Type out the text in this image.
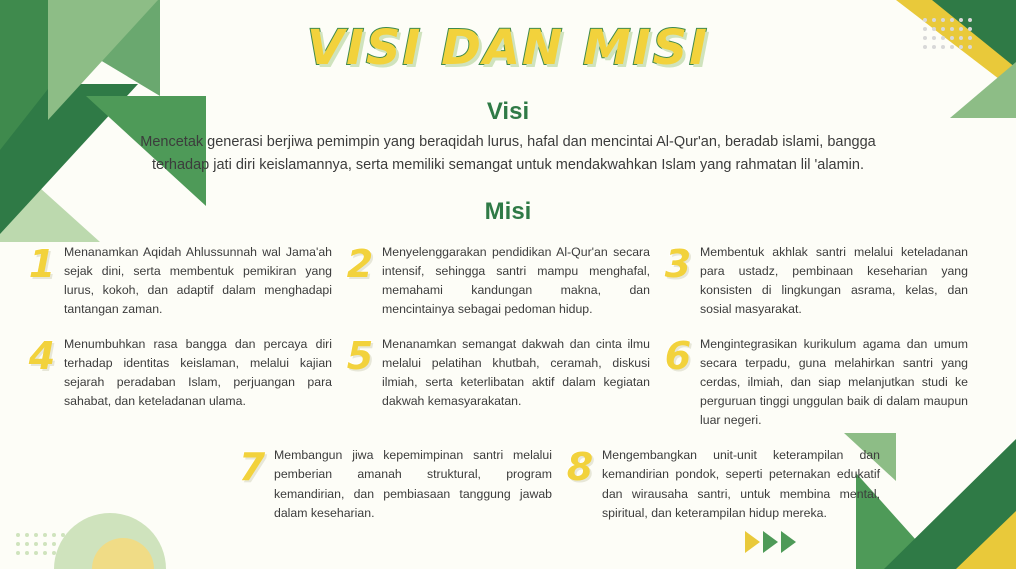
VISI DAN MISI
Visi
Mencetak generasi berjiwa pemimpin yang beraqidah lurus, hafal dan mencintai Al-Qur'an, beradab islami, bangga terhadap jati diri keislamannya, serta memiliki semangat untuk mendakwahkan Islam yang rahmatan lil 'alamin.
Misi
1 Menanamkan Aqidah Ahlussunnah wal Jama'ah sejak dini, serta membentuk pemikiran yang lurus, kokoh, dan adaptif dalam menghadapi tantangan zaman.
2 Menyelenggarakan pendidikan Al-Qur'an secara intensif, sehingga santri mampu menghafal, memahami kandungan makna, dan mencintainya sebagai pedoman hidup.
3 Membentuk akhlak santri melalui keteladanan para ustadz, pembinaan keseharian yang konsisten di lingkungan asrama, kelas, dan sosial masyarakat.
4 Menumbuhkan rasa bangga dan percaya diri terhadap identitas keislaman, melalui kajian sejarah peradaban Islam, perjuangan para sahabat, dan keteladanan ulama.
5 Menanamkan semangat dakwah dan cinta ilmu melalui pelatihan khutbah, ceramah, diskusi ilmiah, serta keterlibatan aktif dalam kegiatan dakwah kemasyarakatan.
6 Mengintegrasikan kurikulum agama dan umum secara terpadu, guna melahirkan santri yang cerdas, ilmiah, dan siap melanjutkan studi ke perguruan tinggi unggulan baik di dalam maupun luar negeri.
7 Membangun jiwa kepemimpinan santri melalui pemberian amanah struktural, program kemandirian, dan pembiasaan tanggung jawab dalam keseharian.
8 Mengembangkan unit-unit keterampilan dan kemandirian pondok, seperti peternakan edukatif dan wirausaha santri, untuk membina mental, spiritual, dan keterampilan hidup mereka.
